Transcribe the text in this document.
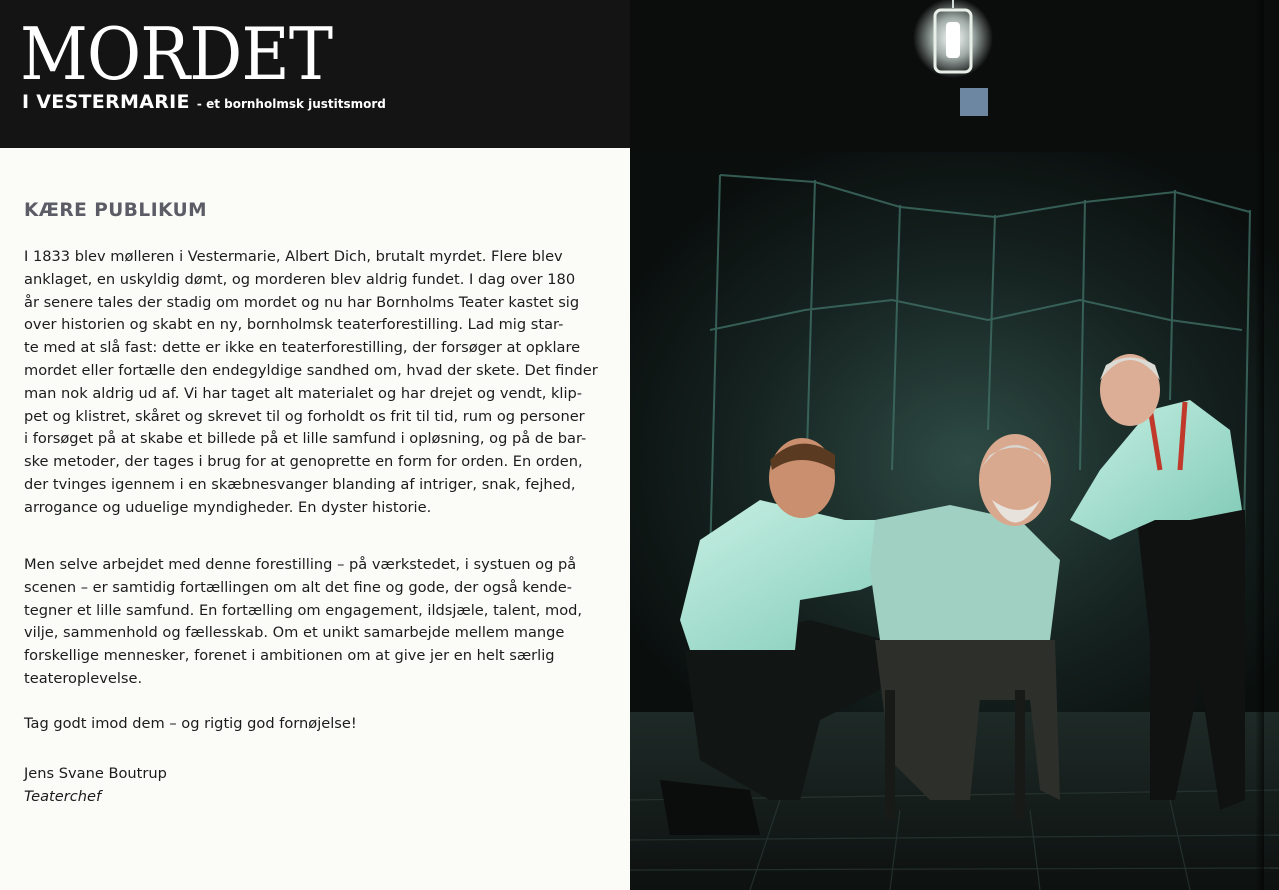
MORDET
I VESTERMARIE - et bornholmsk justitsmord
KÆRE PUBLIKUM
I 1833 blev mølleren i Vestermarie, Albert Dich, brutalt myrdet. Flere blev
anklaget, en uskyldig dømt, og morderen blev aldrig fundet. I dag over 180
år senere tales der stadig om mordet og nu har Bornholms Teater kastet sig
over historien og skabt en ny, bornholmsk teaterforestilling. Lad mig star-
te med at slå fast: dette er ikke en teaterforestilling, der forsøger at opklare
mordet eller fortælle den endegyldige sandhed om, hvad der skete. Det finder
man nok aldrig ud af. Vi har taget alt materialet og har drejet og vendt, klip-
pet og klistret, skåret og skrevet til og forholdt os frit til tid, rum og personer
i forsøget på at skabe et billede på et lille samfund i opløsning, og på de bar-
ske metoder, der tages i brug for at genoprette en form for orden. En orden,
der tvinges igennem i en skæbnesvanger blanding af intriger, snak, fejhed,
arrogance og uduelige myndigheder. En dyster historie.
Men selve arbejdet med denne forestilling – på værkstedet, i systuen og på
scenen – er samtidig fortællingen om alt det fine og gode, der også kende-
tegner et lille samfund. En fortælling om engagement, ildsjæle, talent, mod,
vilje, sammenhold og fællesskab. Om et unikt samarbejde mellem mange
forskellige mennesker, forenet i ambitionen om at give jer en helt særlig
teateroplevelse.
Tag godt imod dem – og rigtig god fornøjelse!
Jens Svane Boutrup
Teaterchef
